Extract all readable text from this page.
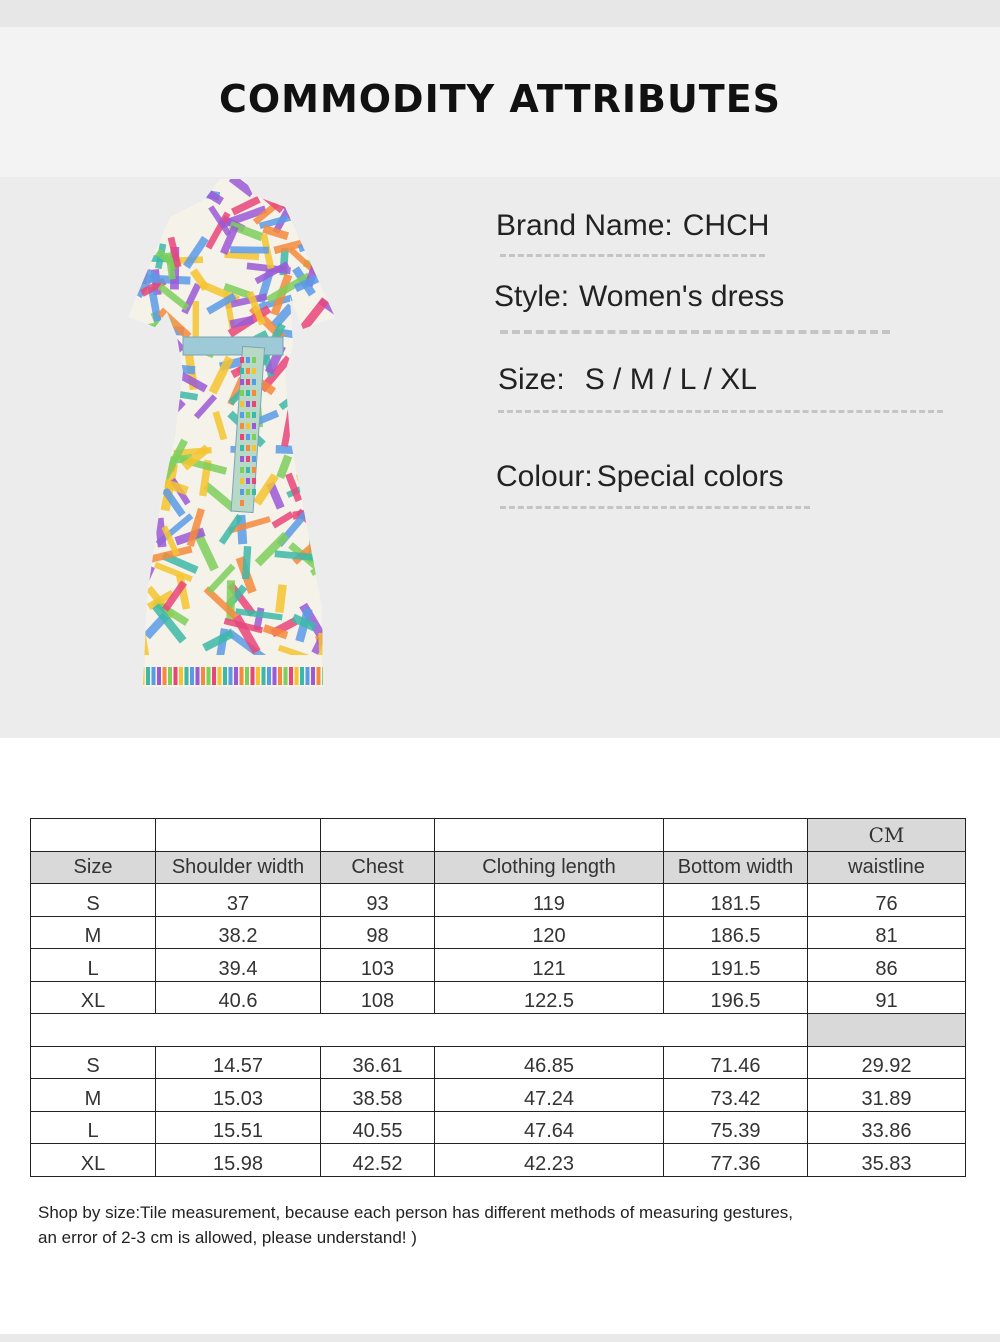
COMMODITY ATTRIBUTES
Brand Name: CHCH
Style: Women's dress
Size: S / M / L / XL
Colour: Special colors
					CM
Size	Shoulder width	Chest	Clothing length	Bottom width	waistline
S	37	93	119	181.5	76
M	38.2	98	120	186.5	81
L	39.4	103	121	191.5	86
XL	40.6	108	122.5	196.5	91

S	14.57	36.61	46.85	71.46	29.92
M	15.03	38.58	47.24	73.42	31.89
L	15.51	40.55	47.64	75.39	33.86
XL	15.98	42.52	42.23	77.36	35.83
Shop by size:Tile measurement, because each person has different methods of measuring gestures,
an error of 2-3 cm is allowed, please understand! )
